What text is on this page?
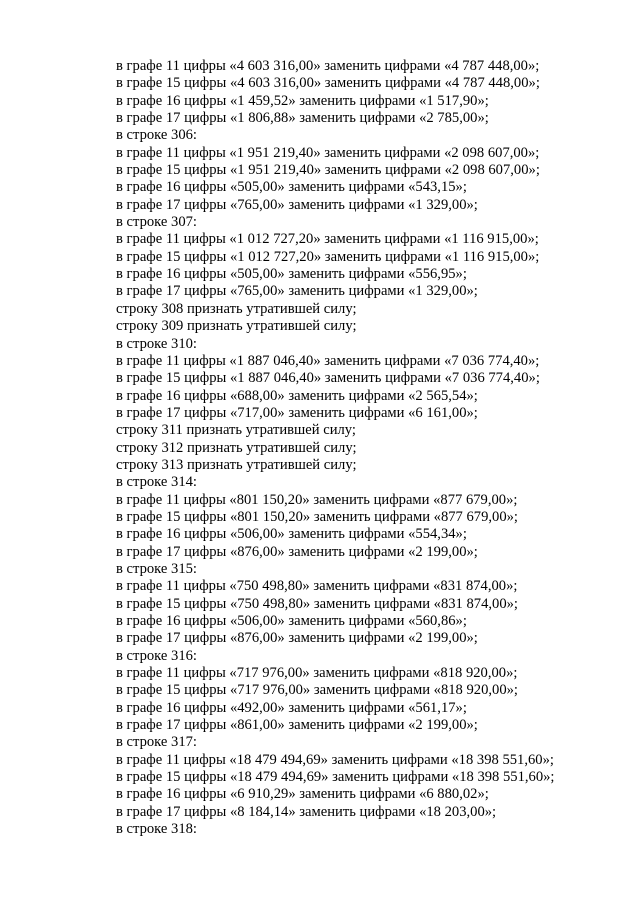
в графе 11 цифры «4 603 316,00» заменить цифрами «4 787 448,00»;
в графе 15 цифры «4 603 316,00» заменить цифрами «4 787 448,00»;
в графе 16 цифры «1 459,52» заменить цифрами «1 517,90»;
в графе 17 цифры «1 806,88» заменить цифрами «2 785,00»;
в строке 306:
в графе 11 цифры «1 951 219,40» заменить цифрами «2 098 607,00»;
в графе 15 цифры «1 951 219,40» заменить цифрами «2 098 607,00»;
в графе 16 цифры «505,00» заменить цифрами «543,15»;
в графе 17 цифры «765,00» заменить цифрами «1 329,00»;
в строке 307:
в графе 11 цифры «1 012 727,20» заменить цифрами «1 116 915,00»;
в графе 15 цифры «1 012 727,20» заменить цифрами «1 116 915,00»;
в графе 16 цифры «505,00» заменить цифрами «556,95»;
в графе 17 цифры «765,00» заменить цифрами «1 329,00»;
строку 308 признать утратившей силу;
строку 309 признать утратившей силу;
в строке 310:
в графе 11 цифры «1 887 046,40» заменить цифрами «7 036 774,40»;
в графе 15 цифры «1 887 046,40» заменить цифрами «7 036 774,40»;
в графе 16 цифры «688,00» заменить цифрами «2 565,54»;
в графе 17 цифры «717,00» заменить цифрами «6 161,00»;
строку 311 признать утратившей силу;
строку 312 признать утратившей силу;
строку 313 признать утратившей силу;
в строке 314:
в графе 11 цифры «801 150,20» заменить цифрами «877 679,00»;
в графе 15 цифры «801 150,20» заменить цифрами «877 679,00»;
в графе 16 цифры «506,00» заменить цифрами «554,34»;
в графе 17 цифры «876,00» заменить цифрами «2 199,00»;
в строке 315:
в графе 11 цифры «750 498,80» заменить цифрами «831 874,00»;
в графе 15 цифры «750 498,80» заменить цифрами «831 874,00»;
в графе 16 цифры «506,00» заменить цифрами «560,86»;
в графе 17 цифры «876,00» заменить цифрами «2 199,00»;
в строке 316:
в графе 11 цифры «717 976,00» заменить цифрами «818 920,00»;
в графе 15 цифры «717 976,00» заменить цифрами «818 920,00»;
в графе 16 цифры «492,00» заменить цифрами «561,17»;
в графе 17 цифры «861,00» заменить цифрами «2 199,00»;
в строке 317:
в графе 11 цифры «18 479 494,69» заменить цифрами «18 398 551,60»;
в графе 15 цифры «18 479 494,69» заменить цифрами «18 398 551,60»;
в графе 16 цифры «6 910,29» заменить цифрами «6 880,02»;
в графе 17 цифры «8 184,14» заменить цифрами «18 203,00»;
в строке 318:
